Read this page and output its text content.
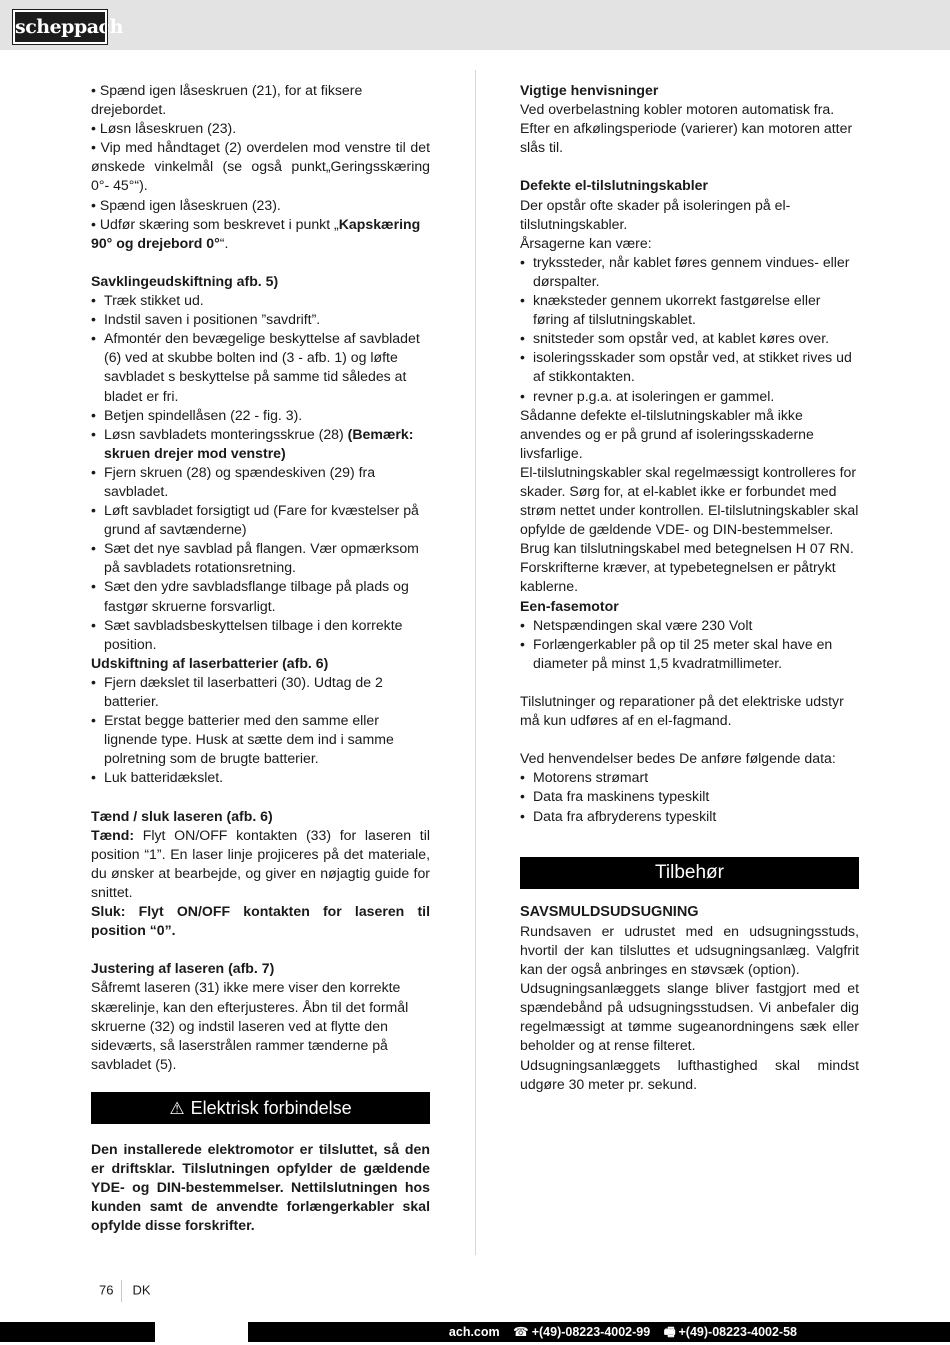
scheppach

• Spænd igen låseskruen (21), for at fiksere drejebordet.

• Løsn låseskruen (23).

• Vip med håndtaget (2) overdelen mod venstre til det ønskede vinkelmål (se også punkt„Geringsskæring 0°- 45°“).

• Spænd igen låseskruen (23).

• Udfør skæring som beskrevet i punkt „Kapskæring 90° og drejebord 0°“.

Savklingeudskiftning afb. 5)

• Træk stikket ud.

• Indstil saven i positionen ”savdrift”.

• Afmontér den bevægelige beskyttelse af savbladet (6) ved at skubbe bolten ind (3 - afb. 1) og løfte savbladet s beskyttelse på samme tid således at bladet er fri.

• Betjen spindellåsen (22 - fig. 3).

• Løsn savbladets monteringsskrue (28) (Bemærk: skruen drejer mod venstre)

• Fjern skruen (28) og spændeskiven (29) fra savbladet.

• Løft savbladet forsigtigt ud (Fare for kvæstelser på grund af savtænderne)

• Sæt det nye savblad på flangen. Vær opmærksom på savbladets rotationsretning.

• Sæt den ydre savbladsflange tilbage på plads og fastgør skruerne forsvarligt.

• Sæt savbladsbeskyttelsen tilbage i den korrekte position.

Udskiftning af laserbatterier (afb. 6)

• Fjern dækslet til laserbatteri (30). Udtag de 2 batterier.

• Erstat begge batterier med den samme eller lignende type. Husk at sætte dem ind i samme polretning som de brugte batterier.

• Luk batteridækslet.

Tænd / sluk laseren (afb. 6)

Tænd: Flyt ON/OFF kontakten (33) for laseren til position “1”. En laser linje projiceres på det materiale, du ønsker at bearbejde, og giver en nøjagtig guide for snittet.

Sluk: Flyt ON/OFF kontakten for laseren til position “0”.

Justering af laseren (afb. 7)

Såfremt laseren (31) ikke mere viser den korrekte skærelinje, kan den efterjusteres. Åbn til det formål skruerne (32) og indstil laseren ved at flytte den sideværts, så laserstrålen rammer tænderne på savbladet (5).

⚠ Elektrisk forbindelse

Den installerede elektromotor er tilsluttet, så den er driftsklar. Tilslutningen opfylder de gældende YDE- og DIN-bestemmelser. Nettilslutningen hos kunden samt de anvendte forlængerkabler skal opfylde disse forskrifter.

Vigtige henvisninger

Ved overbelastning kobler motoren automatisk fra. Efter en afkølingsperiode (varierer) kan motoren atter slås til.

Defekte el-tilslutningskabler

Der opstår ofte skader på isoleringen på el-tilslutningskabler.

Årsagerne kan være:

• trykssteder, når kablet føres gennem vindues- eller dørspalter.

• knæksteder gennem ukorrekt fastgørelse eller føring af tilslutningskablet.

• snitsteder som opstår ved, at kablet køres over.

• isoleringsskader som opstår ved, at stikket rives ud af stikkontakten.

• revner p.g.a. at isoleringen er gammel.

Sådanne defekte el-tilslutningskabler må ikke anvendes og er på grund af isoleringsskaderne livsfarlige.

El-tilslutningskabler skal regelmæssigt kontrolleres for skader. Sørg for, at el-kablet ikke er forbundet med strøm nettet under kontrollen. El-tilslutningskabler skal opfylde de gældende VDE- og DIN-bestemmelser. Brug kan tilslutningskabel med betegnelsen H 07 RN.

Forskrifterne kræver, at typebetegnelsen er påtrykt kablerne.

Een-fasemotor

• Netspændingen skal være 230 Volt

• Forlængerkabler på op til 25 meter skal have en diameter på minst 1,5 kvadratmillimeter.

Tilslutninger og reparationer på det elektriske udstyr må kun udføres af en el-fagmand.

Ved henvendelser bedes De anføre følgende data:

• Motorens strømart

• Data fra maskinens typeskilt

• Data fra afbryderens typeskilt

Tilbehør

SAVSMULDSUDSUGNING

Rundsaven er udrustet med en udsugningsstuds, hvortil der kan tilsluttes et udsugningsanlæg. Valgfrit kan der også anbringes en støvsæk (option).

Udsugningsanlæggets slange bliver fastgjort med et spændebånd på udsugningsstudsen. Vi anbefaler dig regelmæssigt at tømme sugeanordningens sæk eller beholder og at rense filteret.

Udsugningsanlæggets lufthastighed skal mindst udgøre 30 meter pr. sekund.

76 DK
ach.com ☎ +(49)-08223-4002-99 🖷 +(49)-08223-4002-58
